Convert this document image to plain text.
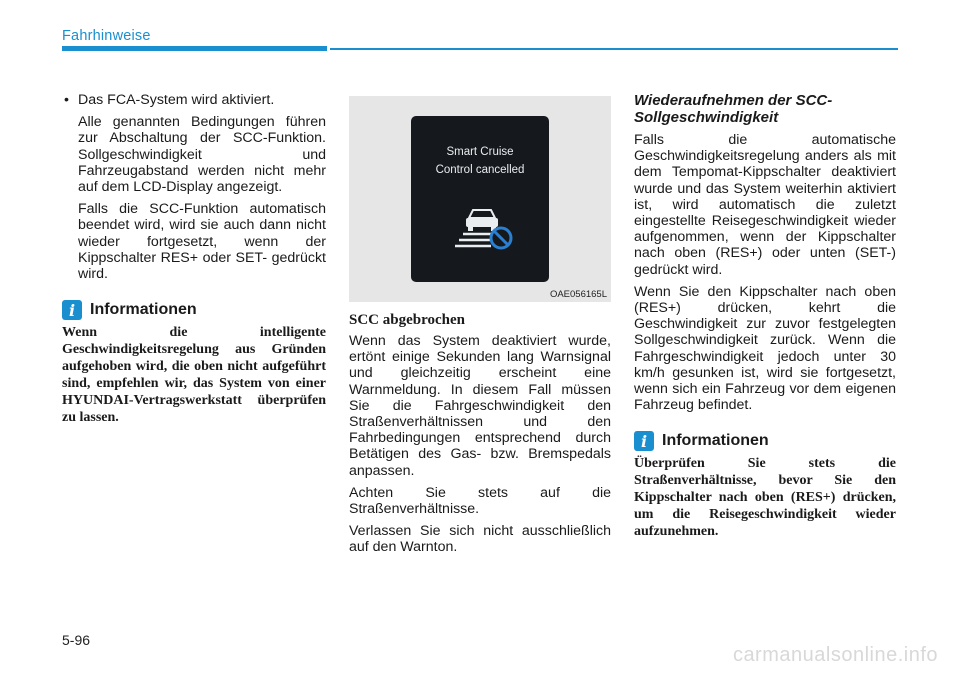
Fahrhinweise
• Das FCA-System wird aktiviert.

Alle genannten Bedingungen führen zur Abschaltung der SCC-Funktion. Sollgeschwindigkeit und Fahrzeugabstand werden nicht mehr auf dem LCD-Display angezeigt.

Falls die SCC-Funktion automatisch beendet wird, wird sie auch dann nicht wieder fortgesetzt, wenn der Kippschalter RES+ oder SET- gedrückt wird.

i Informationen

Wenn die intelligente Geschwindigkeitsregelung aus Gründen aufgehoben wird, die oben nicht aufgeführt sind, empfehlen wir, das System von einer HYUNDAI-Vertragswerkstatt überprüfen zu lassen.

Smart Cruise
Control cancelled
OAE056165L
SCC abgebrochen

Wenn das System deaktiviert wurde, ertönt einige Sekunden lang Warnsignal und gleichzeitig erscheint eine Warnmeldung. In diesem Fall müssen Sie die Fahrgeschwindigkeit den Straßenverhältnissen und den Fahrbedingungen entsprechend durch Betätigen des Gas- bzw. Bremspedals anpassen.

Achten Sie stets auf die Straßenverhältnisse.

Verlassen Sie sich nicht ausschließlich auf den Warnton.

Wiederaufnehmen der SCC-Sollgeschwindigkeit

Falls die automatische Geschwindigkeitsregelung anders als mit dem Tempomat-Kippschalter deaktiviert wurde und das System weiterhin aktiviert ist, wird automatisch die zuletzt eingestellte Reisegeschwindigkeit wieder aufgenommen, wenn der Kippschalter nach oben (RES+) oder unten (SET-) gedrückt wird.

Wenn Sie den Kippschalter nach oben (RES+) drücken, kehrt die Geschwindigkeit zur zuvor festgelegten Sollgeschwindigkeit zurück. Wenn die Fahrgeschwindigkeit jedoch unter 30 km/h gesunken ist, wird sie fortgesetzt, wenn sich ein Fahrzeug vor dem eigenen Fahrzeug befindet.

i Informationen

Überprüfen Sie stets die Straßenverhältnisse, bevor Sie den Kippschalter nach oben (RES+) drücken, um die Reisegeschwindigkeit wieder aufzunehmen.

5-96
carmanualsonline.info
